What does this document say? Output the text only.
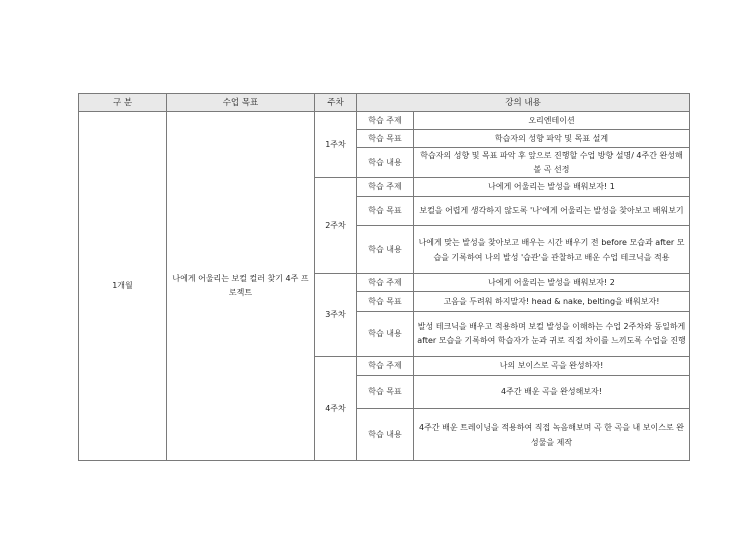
구 분	수업 목표	주차	강의 내용	
1개월	나에게 어울리는 보컬 컬러 찾기 4주 프로젝트	1주차	학습 주제	오리엔테이션
			학습 목표	학습자의 성향 파악 및 목표 설계
			학습 내용	학습자의 성향 및 목표 파악 후 앞으로 진행할 수업 방향 설명/ 4주간 완성해볼 곡 선정
		2주차	학습 주제	나에게 어울리는 발성을 배워보자! 1
			학습 목표	보컬을 어렵게 생각하지 않도록 '나'에게 어울리는 발성을 찾아보고 배워보기
			학습 내용	나에게 맞는 발성을 찾아보고 배우는 시간 배우기 전 before 모습과 after 모습을 기록하여 나의 발성 '습관'을 관찰하고 배운 수업 테크닉을 적용
		3주차	학습 주제	나에게 어울리는 발성을 배워보자! 2
			학습 목표	고음을 두려워 하지말자! head & nake, belting을 배워보자!
			학습 내용	발성 테크닉을 배우고 적용하며 보컬 발성을 이해하는 수업 2주차와 동일하게 after 모습을 기록하여 학습자가 눈과 귀로 직접 차이를 느끼도록 수업을 진행
		4주차	학습 주제	나의 보이스로 곡을 완성하자!
			학습 목표	4주간 배운 곡을 완성해보자!
			학습 내용	4주간 배운 트레이닝을 적용하여 직접 녹음해보며 곡 한 곡을 내 보이스로 완성물을 제작
